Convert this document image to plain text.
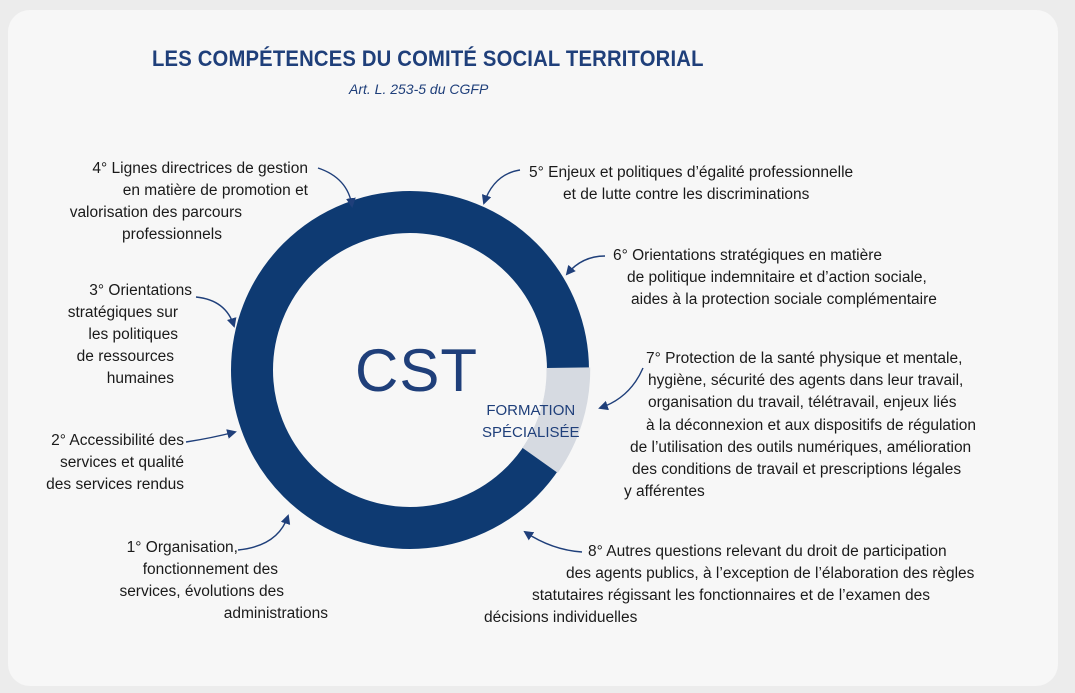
LES COMPÉTENCES DU COMITÉ SOCIAL TERRITORIAL
Art. L. 253-5 du CGFP
CST
FORMATION
SPÉCIALISÉE
4° Lignes directrices de gestion
en matière de promotion et
valorisation des parcours
professionnels
3° Orientations
stratégiques sur
les politiques
de ressources
humaines
2° Accessibilité des
services et qualité
des services rendus
1° Organisation,
fonctionnement des
services, évolutions des
administrations
5° Enjeux et politiques d’égalité professionnelle
et de lutte contre les discriminations
6° Orientations stratégiques en matière
de politique indemnitaire et d’action sociale,
aides à la protection sociale complémentaire
7° Protection de la santé physique et mentale,
hygiène, sécurité des agents dans leur travail,
organisation du travail, télétravail, enjeux liés
à la déconnexion et aux dispositifs de régulation
de l’utilisation des outils numériques, amélioration
des conditions de travail et prescriptions légales
y afférentes
8° Autres questions relevant du droit de participation
des agents publics, à l’exception de l’élaboration des règles
statutaires régissant les fonctionnaires et de l’examen des
décisions individuelles
